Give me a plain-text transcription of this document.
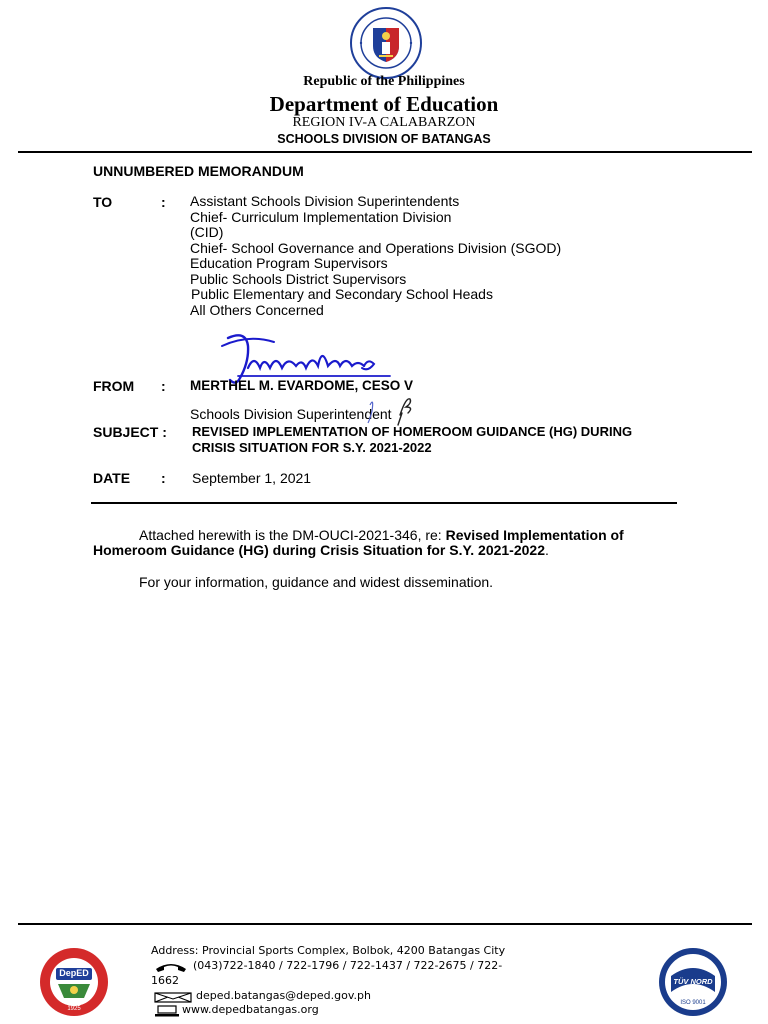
Republic of the Philippines
Department of Education
REGION IV-A CALABARZON
SCHOOLS DIVISION OF BATANGAS
UNNUMBERED MEMORANDUM
TO	: Assistant Schools Division Superintendents
Chief- Curriculum Implementation Division
(CID)
Chief- School Governance and Operations Division (SGOD)
Education Program Supervisors
Public Schools District Supervisors
Public Elementary and Secondary School Heads
All Others Concerned
FROM : MERTHEL M. EVARDOME, CESO V
Schools Division Superintendent
SUBJECT : REVISED IMPLEMENTATION OF HOMEROOM GUIDANCE (HG) DURING
CRISIS SITUATION FOR S.Y. 2021-2022
DATE : September 1, 2021
Attached herewith is the DM-OUCI-2021-346, re: Revised Implementation of
Homeroom Guidance (HG) during Crisis Situation for S.Y. 2021-2022.
For your information, guidance and widest dissemination.
DepED
1925
Address: Provincial Sports Complex, Bolbok, 4200 Batangas City
(043)722-1840 / 722-1796 / 722-1437 / 722-2675 / 722-
1662
deped.batangas@deped.gov.ph
www.depedbatangas.org
TÜV NORD
ISO 9001
